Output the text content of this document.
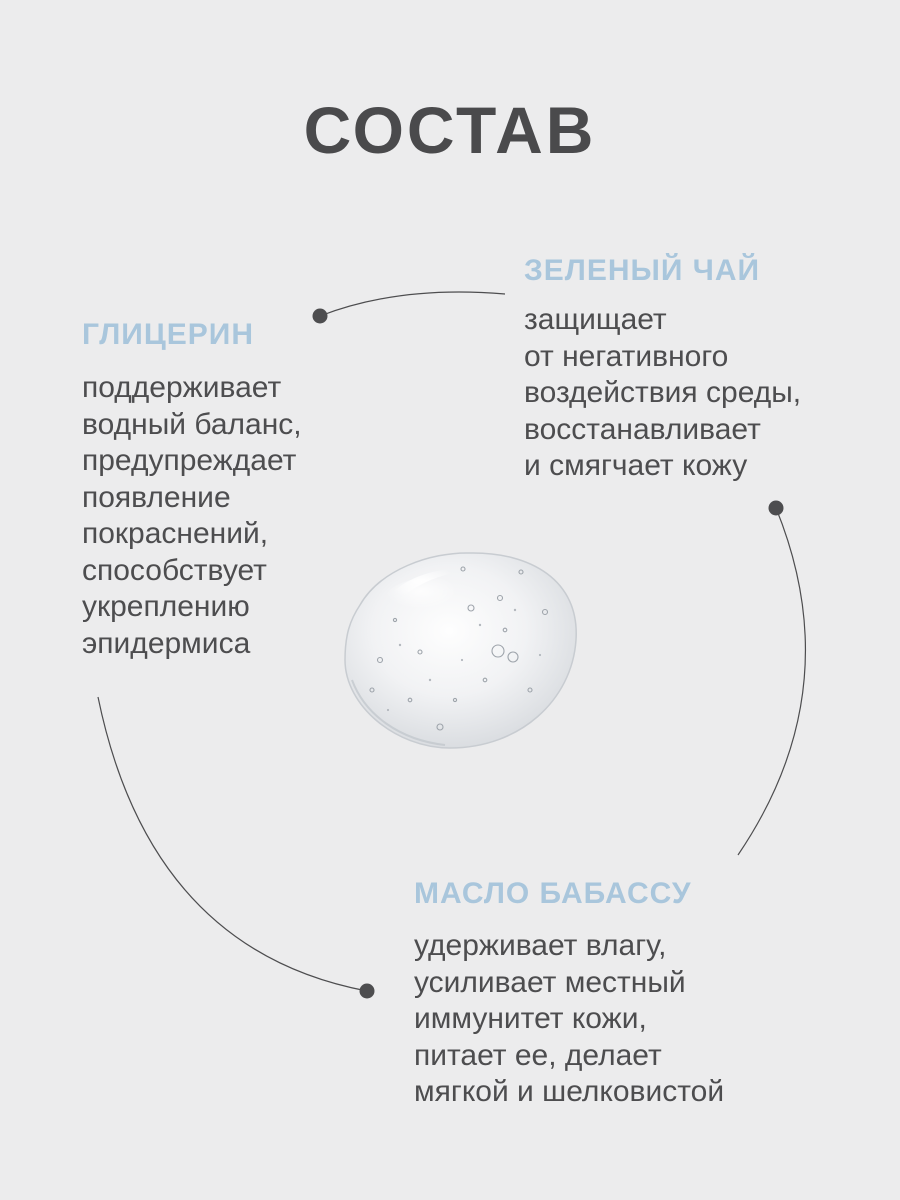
СОСТАВ
ГЛИЦЕРИН
поддерживает
водный баланс,
предупреждает
появление
покраснений,
способствует
укреплению
эпидермиса
ЗЕЛЕНЫЙ ЧАЙ
защищает
от негативного
воздействия среды,
восстанавливает
и смягчает кожу
МАСЛО БАБАССУ
удерживает влагу,
усиливает местный
иммунитет кожи,
питает ее, делает
мягкой и шелковистой
